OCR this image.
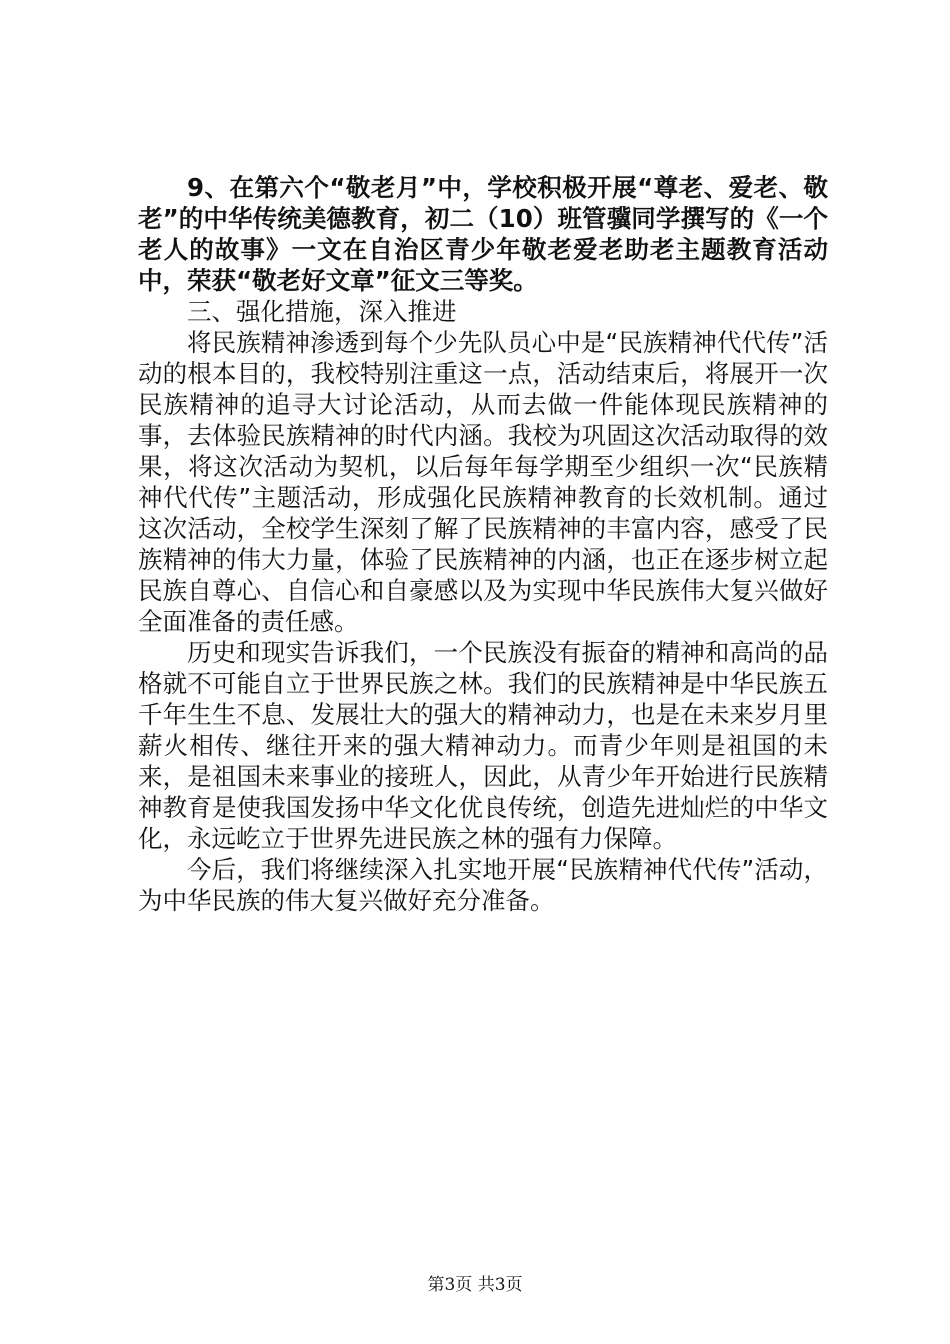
9、在第六个“敬老月”中，学校积极开展“尊老、爱老、敬老”的中华传统美德教育，初二（10）班管骥同学撰写的《一个老人的故事》一文在自治区青少年敬老爱老助老主题教育活动中，荣获“敬老好文章”征文三等奖。

三、强化措施，深入推进

将民族精神渗透到每个少先队员心中是“民族精神代代传”活动的根本目的，我校特别注重这一点，活动结束后，将展开一次民族精神的追寻大讨论活动，从而去做一件能体现民族精神的事，去体验民族精神的时代内涵。我校为巩固这次活动取得的效果，将这次活动为契机，以后每年每学期至少组织一次“民族精神代代传”主题活动，形成强化民族精神教育的长效机制。通过这次活动，全校学生深刻了解了民族精神的丰富内容，感受了民族精神的伟大力量，体验了民族精神的内涵，也正在逐步树立起民族自尊心、自信心和自豪感以及为实现中华民族伟大复兴做好全面准备的责任感。

历史和现实告诉我们，一个民族没有振奋的精神和高尚的品格就不可能自立于世界民族之林。我们的民族精神是中华民族五千年生生不息、发展壮大的强大的精神动力，也是在未来岁月里薪火相传、继往开来的强大精神动力。而青少年则是祖国的未来，是祖国未来事业的接班人，因此，从青少年开始进行民族精神教育是使我国发扬中华文化优良传统，创造先进灿烂的中华文化，永远屹立于世界先进民族之林的强有力保障。

今后，我们将继续深入扎实地开展“民族精神代代传”活动，为中华民族的伟大复兴做好充分准备。

第3页 共3页
